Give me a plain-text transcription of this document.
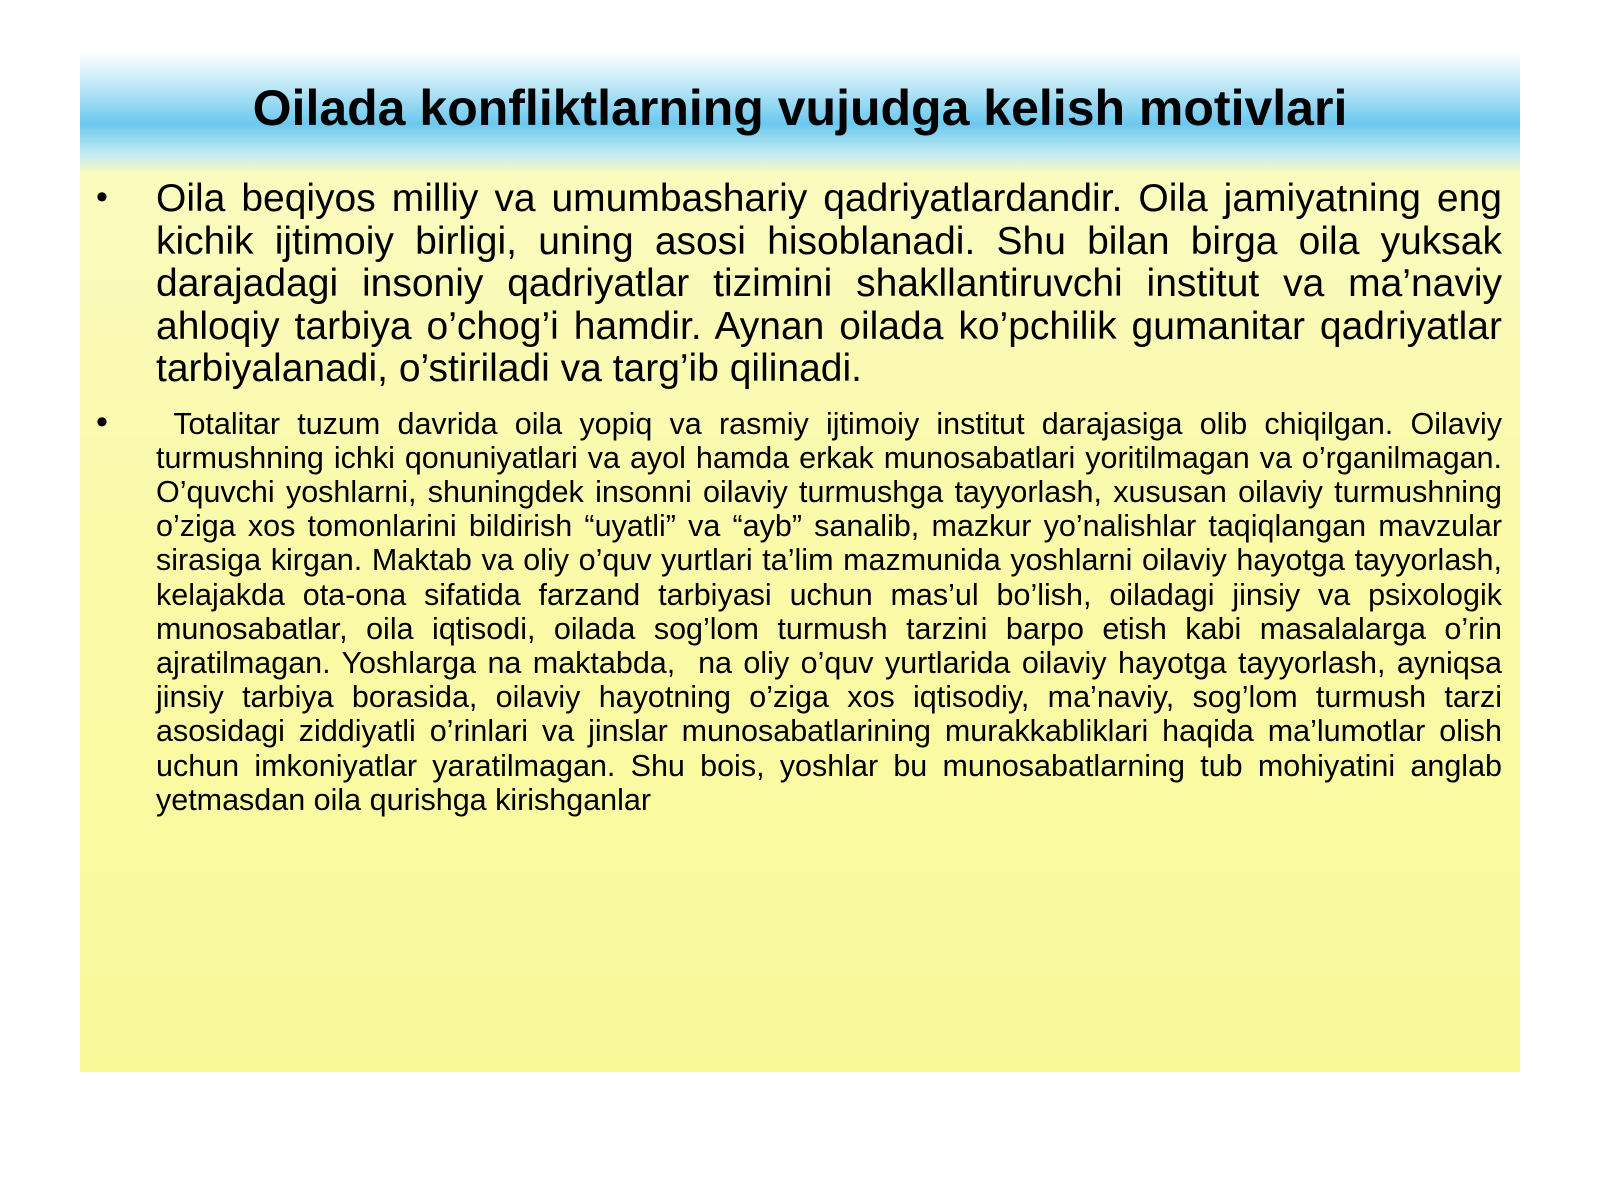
Oilada konfliktlarning vujudga kelish motivlari
• Oila beqiyos milliy va umumbashariy qadriyatlardandir. Oila jamiyatning eng kichik ijtimoiy birligi, uning asosi hisoblanadi. Shu bilan birga oila yuksak darajadagi insoniy qadriyatlar tizimini shakllantiruvchi institut va ma’naviy ahloqiy tarbiya o’chog’i hamdir. Aynan oilada ko’pchilik gumanitar qadriyatlar tarbiyalanadi, o’stiriladi va targ’ib qilinadi.
• Totalitar tuzum davrida oila yopiq va rasmiy ijtimoiy institut darajasiga olib chiqilgan. Oilaviy turmushning ichki qonuniyatlari va ayol hamda erkak munosabatlari yoritilmagan va o’rganilmagan. O’quvchi yoshlarni, shuningdek insonni oilaviy turmushga tayyorlash, xususan oilaviy turmushning o’ziga xos tomonlarini bildirish “uyatli” va “ayb” sanalib, mazkur yo’nalishlar taqiqlangan mavzular sirasiga kirgan. Maktab va oliy o’quv yurtlari ta’lim mazmunida yoshlarni oilaviy hayotga tayyorlash, kelajakda ota-ona sifatida farzand tarbiyasi uchun mas’ul bo’lish, oiladagi jinsiy va psixologik munosabatlar, oila iqtisodi, oilada sog’lom turmush tarzini barpo etish kabi masalalarga o’rin ajratilmagan. Yoshlarga na maktabda,  na oliy o’quv yurtlarida oilaviy hayotga tayyorlash, ayniqsa jinsiy tarbiya borasida, oilaviy hayotning o’ziga xos iqtisodiy, ma’naviy, sog’lom turmush tarzi asosidagi ziddiyatli o’rinlari va jinslar munosabatlarining murakkabliklari haqida ma’lumotlar olish uchun imkoniyatlar yaratilmagan. Shu bois, yoshlar bu munosabatlarning tub mohiyatini anglab yetmasdan oila qurishga kirishganlar
